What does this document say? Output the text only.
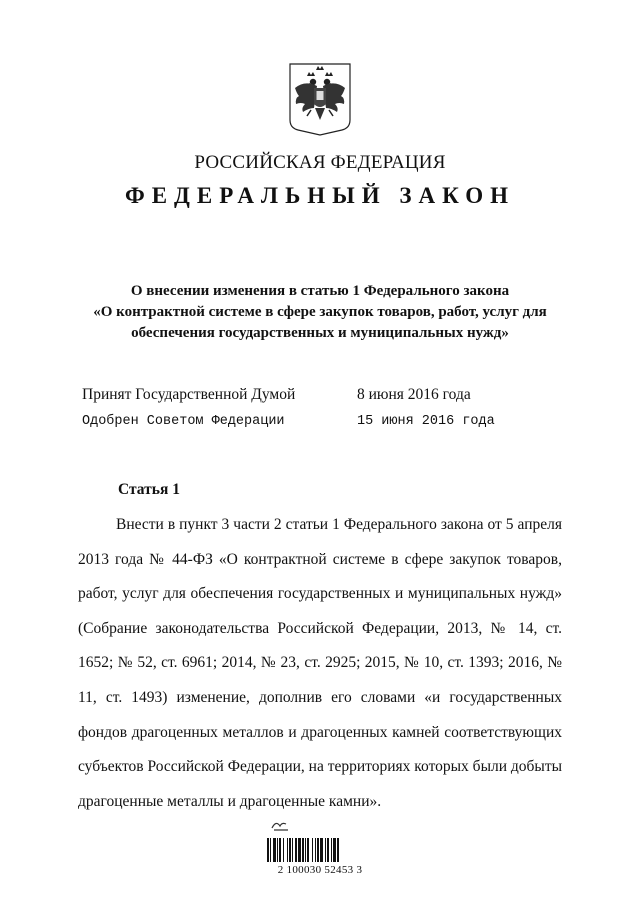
РОССИЙСКАЯ ФЕДЕРАЦИЯ
ФЕДЕРАЛЬНЫЙ ЗАКОН
О внесении изменения в статью 1 Федерального закона
«О контрактной системе в сфере закупок товаров, работ, услуг для
обеспечения государственных и муниципальных нужд»
Принят Государственной Думой	8 июня 2016 года
Одобрен Советом Федерации	15 июня 2016 года
Статья 1

Внести в пункт 3 части 2 статьи 1 Федерального закона от 5 апреля 2013 года № 44-ФЗ «О контрактной системе в сфере закупок товаров, работ, услуг для обеспечения государственных и муниципальных нужд» (Собрание законодательства Российской Федерации, 2013, № 14, ст. 1652; № 52, ст. 6961; 2014, № 23, ст. 2925; 2015, № 10, ст. 1393; 2016, № 11, ст. 1493) изменение, дополнив его словами «и государственных фондов драгоценных металлов и драгоценных камней соответствующих субъектов Российской Федерации, на территориях которых были добыты драгоценные металлы и драгоценные камни».

2 100030 52453 3
